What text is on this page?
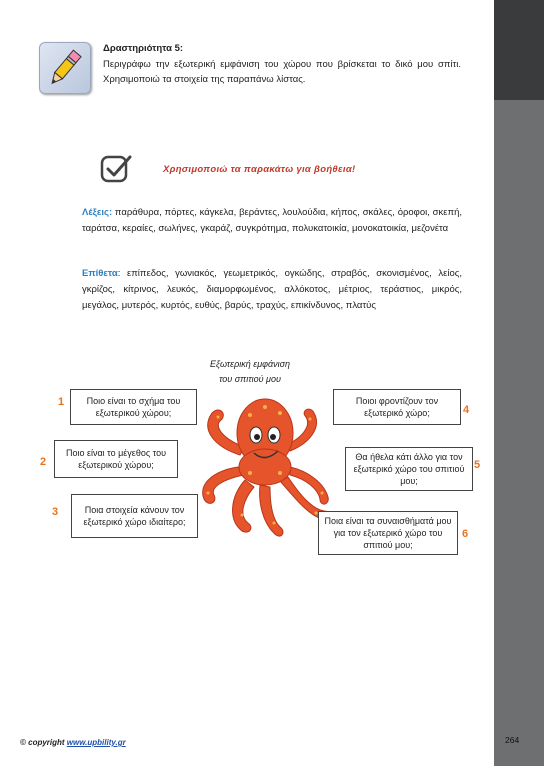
Γραπτός Λόγος Γ-Δ Δημοτικού | ΤΟ ΣΠΙΤΙ, Η ΓΕΙΤΟΝΙΑ, Ο ΤΟΠΟΣ
Δραστηριότητα 5:
Περιγράφω την εξωτερική εμφάνιση του χώρου που βρίσκεται το δικό μου σπίτι. Χρησιμοποιώ τα στοιχεία της παραπάνω λίστας.
Χρησιμοποιώ τα παρακάτω για βοήθεια!
Λέξεις: παράθυρα, πόρτες, κάγκελα, βεράντες, λουλούδια, κήπος, σκάλες, όροφοι, σκεπή, ταράτσα, κεραίες, σωλήνες, γκαράζ, συγκρότημα, πολυκατοικία, μονοκατοικία, μεζονέτα
Επίθετα: επίπεδος, γωνιακός, γεωμετρικός, ογκώδης, στραβός, σκονισμένος, λείος, γκρίζος, κίτρινος, λευκός, διαμορφωμένος, αλλόκοτος, μέτριος, τεράστιος, μικρός, μεγάλος, μυτερός, κυρτός, ευθύς, βαρύς, τραχύς, επικίνδυνος, πλατύς
Εξωτερική εμφάνιση
του σπιτιού μου
1	Ποιο είναι το σχήμα του εξωτερικού χώρου;
2
Ποιο είναι το μέγεθος του εξωτερικού χώρου;
3	Ποια στοιχεία κάνουν τον εξωτερικό χώρο ιδιαίτερο;
4
Ποιοι φροντίζουν τον εξωτερικό χώρο;
5
Θα ήθελα κάτι άλλο για τον εξωτερικό χώρο του σπιτιού μου;
6
Ποια είναι τα συναισθήματά μου για τον εξωτερικό χώρο του σπιτιού μου;
© copyright www.upbility.gr	264
